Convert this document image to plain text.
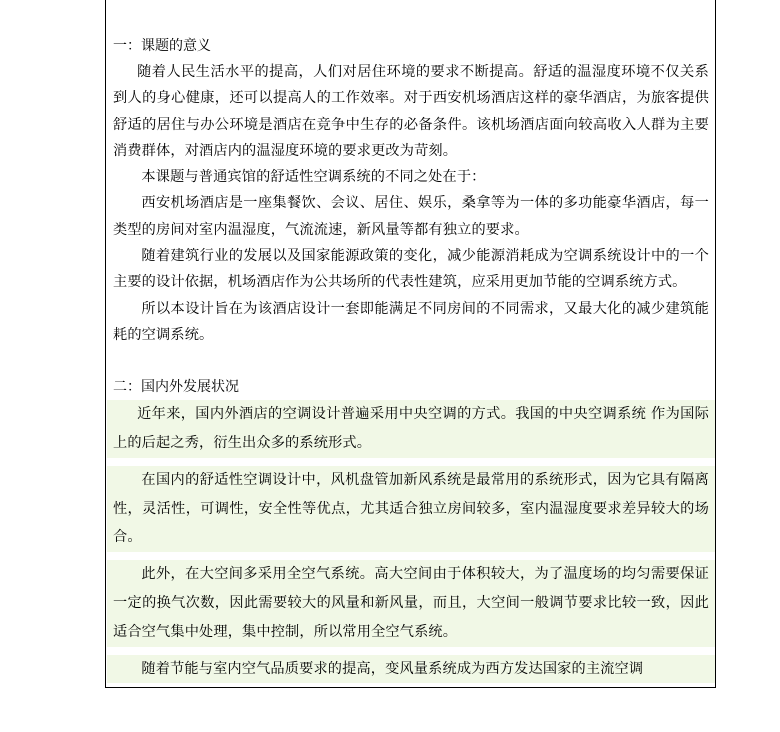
一：课题的意义

随着人民生活水平的提高，人们对居住环境的要求不断提高。舒适的温湿度环境不仅关系到人的身心健康，还可以提高人的工作效率。对于西安机场酒店这样的豪华酒店，为旅客提供舒适的居住与办公环境是酒店在竞争中生存的必备条件。该机场酒店面向较高收入人群为主要消费群体，对酒店内的温湿度环境的要求更改为苛刻。

本课题与普通宾馆的舒适性空调系统的不同之处在于：

西安机场酒店是一座集餐饮、会议、居住、娱乐，桑拿等为一体的多功能豪华酒店，每一类型的房间对室内温湿度，气流流速，新风量等都有独立的要求。

随着建筑行业的发展以及国家能源政策的变化，减少能源消耗成为空调系统设计中的一个主要的设计依据，机场酒店作为公共场所的代表性建筑，应采用更加节能的空调系统方式。

所以本设计旨在为该酒店设计一套即能满足不同房间的不同需求，又最大化的减少建筑能耗的空调系统。

二：国内外发展状况

近年来，国内外酒店的空调设计普遍采用中央空调的方式。我国的中央空调系统 作为国际上的后起之秀，衍生出众多的系统形式。

在国内的舒适性空调设计中，风机盘管加新风系统是最常用的系统形式，因为它具有隔离性，灵活性，可调性，安全性等优点，尤其适合独立房间较多，室内温湿度要求差异较大的场合。

此外，在大空间多采用全空气系统。高大空间由于体积较大，为了温度场的均匀需要保证一定的换气次数，因此需要较大的风量和新风量，而且，大空间一般调节要求比较一致，因此适合空气集中处理，集中控制，所以常用全空气系统。

随着节能与室内空气品质要求的提高，变风量系统成为西方发达国家的主流空调
